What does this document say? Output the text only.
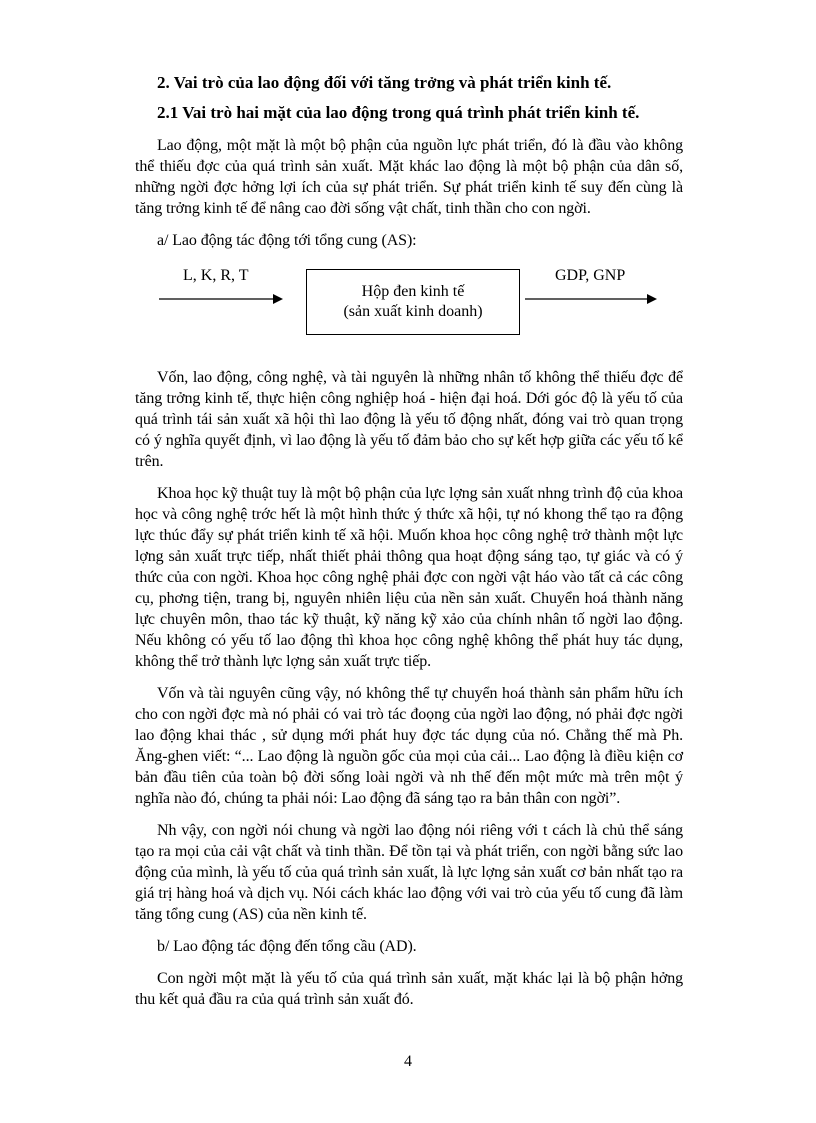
2. Vai trò của lao động đối với tăng trởng và phát triển kinh tế.
2.1 Vai trò hai mặt của lao động trong quá trình phát triển kinh tế.

Lao động, một mặt là một bộ phận của nguồn lực phát triển, đó là đầu vào không thể thiếu đợc của quá trình sản xuất. Mặt khác lao động là một bộ phận của dân số, những ngời đợc hởng lợi ích của sự phát triển. Sự phát triển kinh tế suy đến cùng là tăng trởng kinh tế để nâng cao đời sống vật chất, tinh thần cho con ngời.

a/ Lao động tác động tới tổng cung (AS):

L, K, R, T
Hộp đen kinh tế
(sản xuất kinh doanh)
GDP, GNP

Vốn, lao động, công nghệ, và tài nguyên là những nhân tố không thể thiếu đợc để tăng trởng kinh tế, thực hiện công nghiệp hoá - hiện đại hoá. Dới góc độ là yếu tố của quá trình tái sản xuất xã hội thì lao động là yếu tố động nhất, đóng vai trò quan trọng có ý nghĩa quyết định, vì lao động là yếu tố đảm bảo cho sự kết hợp giữa các yếu tố kể trên.

Khoa học kỹ thuật tuy là một bộ phận của lực lợng sản xuất nhng trình độ của khoa học và công nghệ trớc hết là một hình thức ý thức xã hội, tự nó khong thể tạo ra động lực thúc đẩy sự phát triển kinh tế xã hội. Muốn khoa học công nghệ trở thành một lực lợng sản xuất trực tiếp, nhất thiết phải thông qua hoạt động sáng tạo, tự giác và có ý thức của con ngời. Khoa học công nghệ phải đợc con ngời vật háo vào tất cả các công cụ, phơng tiện, trang bị, nguyên nhiên liệu của nền sản xuất. Chuyển hoá thành năng lực chuyên môn, thao tác kỹ thuật, kỹ năng kỹ xảo của chính nhân tố ngời lao động. Nếu không có yếu tố lao động thì khoa học công nghệ không thể phát huy tác dụng, không thể trở thành lực lợng sản xuất trực tiếp.

Vốn và tài nguyên cũng vậy, nó không thể tự chuyển hoá thành sản phẩm hữu ích cho con ngời đợc mà nó phải có vai trò tác đoọng của ngời lao động, nó phải đợc ngời lao động khai thác , sử dụng mới phát huy đợc tác dụng của nó. Chẳng thế mà Ph. Ăng-ghen viết: “... Lao động là nguồn gốc của mọi của cải... Lao động là điều kiện cơ bản đầu tiên của toàn bộ đời sống loài ngời và nh thế đến một mức mà trên một ý nghĩa nào đó, chúng ta phải nói: Lao động đã sáng tạo ra bản thân con ngời”.

Nh vậy, con ngời nói chung và ngời lao động nói riêng với t cách là chủ thể sáng tạo ra mọi của cải vật chất và tinh thần. Để tồn tại và phát triển, con ngời bằng sức lao động của mình, là yếu tố của quá trình sản xuất, là lực lợng sản xuất cơ bản nhất tạo ra giá trị hàng hoá và dịch vụ. Nói cách khác lao động với vai trò của yếu tố cung đã làm tăng tổng cung (AS) của nền kinh tế.

b/ Lao động tác động đến tổng cầu (AD).

Con ngời một mặt là yếu tố của quá trình sản xuất, mặt khác lại là bộ phận hởng thu kết quả đầu ra của quá trình sản xuất đó.

4
